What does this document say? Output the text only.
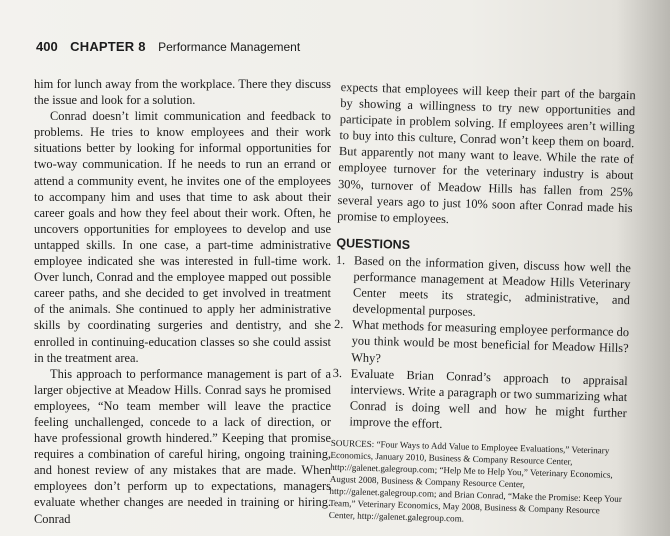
400 CHAPTER 8 Performance Management

him for lunch away from the workplace. There they discuss the issue and look for a solution.

Conrad doesn’t limit communication and feedback to problems. He tries to know employees and their work situations better by looking for informal opportunities for two-way communication. If he needs to run an errand or attend a community event, he invites one of the employees to accompany him and uses that time to ask about their career goals and how they feel about their work. Often, he uncovers opportunities for employees to develop and use untapped skills. In one case, a part-time administrative employee indicated she was interested in full-time work. Over lunch, Conrad and the employee mapped out possible career paths, and she decided to get involved in treatment of the animals. She continued to apply her administrative skills by coordinating surgeries and dentistry, and she enrolled in continuing-education classes so she could assist in the treatment area.

This approach to performance management is part of a larger objective at Meadow Hills. Conrad says he promised employees, “No team member will leave the practice feeling unchallenged, concede to a lack of direction, or have professional growth hindered.” Keeping that promise requires a combination of careful hiring, ongoing training, and honest review of any mistakes that are made. When employees don’t perform up to expectations, managers evaluate whether changes are needed in training or hiring. Conrad

expects that employees will keep their part of the bargain by showing a willingness to try new opportunities and participate in problem solving. If employees aren’t willing to buy into this culture, Conrad won’t keep them on board. But apparently not many want to leave. While the rate of employee turnover for the veterinary industry is about 30%, turnover of Meadow Hills has fallen from 25% several years ago to just 10% soon after Conrad made his promise to employees.

QUESTIONS
1. Based on the information given, discuss how well the performance management at Meadow Hills Veterinary Center meets its strategic, administrative, and developmental purposes.
2. What methods for measuring employee performance do you think would be most beneficial for Meadow Hills? Why?
3. Evaluate Brian Conrad’s approach to appraisal interviews. Write a paragraph or two summarizing what Conrad is doing well and how he might further improve the effort.

SOURCES: “Four Ways to Add Value to Employee Evaluations,” Veterinary Economics, January 2010, Business & Company Resource Center, http://galenet.galegroup.com; “Help Me to Help You,” Veterinary Economics, August 2008, Business & Company Resource Center, http://galenet.galegroup.com; and Brian Conrad, “Make the Promise: Keep Your Team,” Veterinary Economics, May 2008, Business & Company Resource Center, http://galenet.galegroup.com.
